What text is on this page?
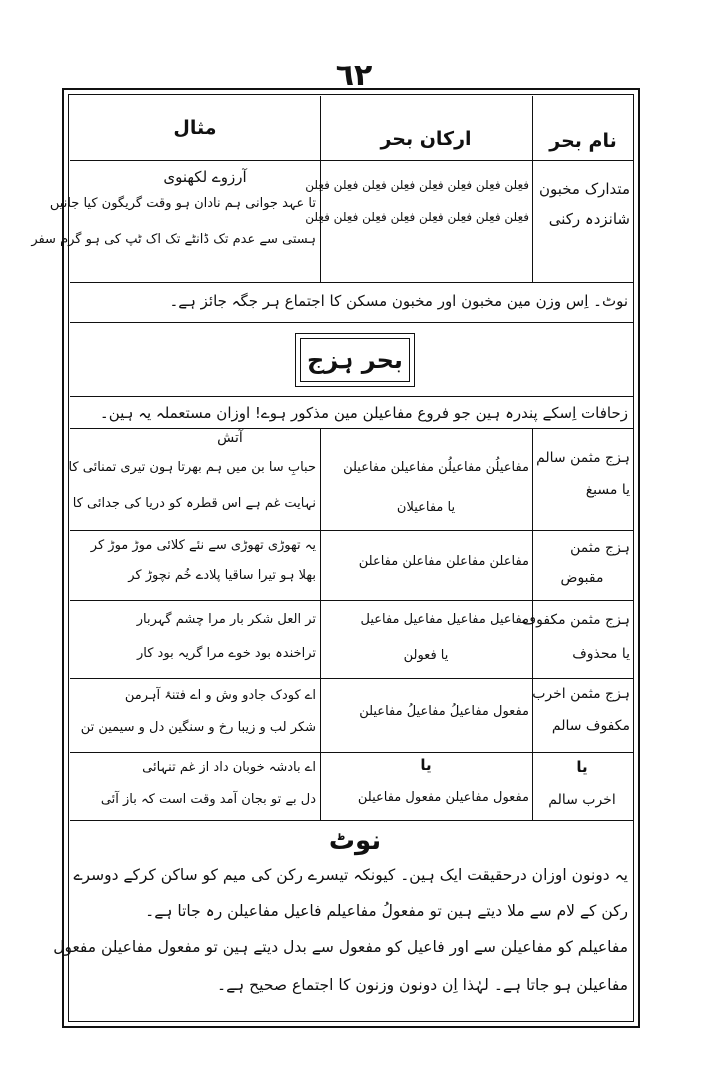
٦٢
نام بحر
ارکان بحر
مثال
متدارک مخبون
شانزدہ رکنی
فعِلن فعِلن فعِلن فعِلن فعِلن فعِلن فعِلن فعِلن
فعِلن فعِلن فعِلن فعِلن فعِلن فعِلن فعِلن فعِلن
آرزوے لکھنوی
تا عہد جوانی ہم نادان ہو وقت گریگون کیا جانیں
ہستی سے عدم تک ڈانٹے تک اک ٹپ کی ہو گرم سفر
نوٹ۔ اِس وزن مین مخبون اور مخبون مسکن کا اجتماع ہر جگہ جائز ہے۔
بحر ہزج
زحافات اِسکے پندرہ ہین جو فروع مفاعیلن مین مذکور ہوے! اوزان مستعملہ یہ ہین۔
ہزج مثمن سالم
یا مسبغ
مفاعیلُن مفاعیلُن مفاعیلن مفاعیلن
یا مفاعیلان
آتش
حبابِ سا بن میں ہم بھرتا ہون تیری تمنائی کا
نہایت غم ہے اس قطرہ کو دریا کی جدائی کا
ہزج مثمن
مقبوض
مفاعلن مفاعلن مفاعلن مفاعلن
یہ تھوڑی تھوڑی سے نئے کلائی موڑ موڑ کر
بھلا ہو تیرا ساقیا پلادے خُم نچوڑ کر
ہزج مثمن مکفوف
یا محذوف
مفاعیل مفاعیل مفاعیل مفاعیل
یا فعولن
تر العل شکر بار مرا چشم گہربار
تراخندہ بود خوے مرا گریہ بود کار
ہزج مثمن اخرب
مکفوف سالم
مفعول مفاعیلُ مفاعیلُ مفاعیلن
اے کودک جادو وش و اے فتنۂ آہرمن
شکر لب و زیبا رخ و سنگین دل و سیمین تن
یا
اخرب سالم
یا
مفعول مفاعیلن مفعول مفاعیلن
اے بادشہ خوبان داد از غم تنہائی
دل بے تو بجان آمد وقت است کہ باز آئی
نوٹ
یہ دونون اوزان درحقیقت ایک ہین۔ کیونکہ تیسرے رکن کی میم کو ساکن کرکے دوسرے
رکن کے لام سے ملا دیتے ہین تو مفعولُ مفاعیلم فاعیل مفاعیلن رہ جاتا ہے۔
مفاعیلم کو مفاعیلن سے اور فاعیل کو مفعول سے بدل دیتے ہین تو مفعول مفاعیلن مفعول
مفاعیلن ہو جاتا ہے۔ لہٰذا اِن دونون وزنون کا اجتماع صحیح ہے۔
